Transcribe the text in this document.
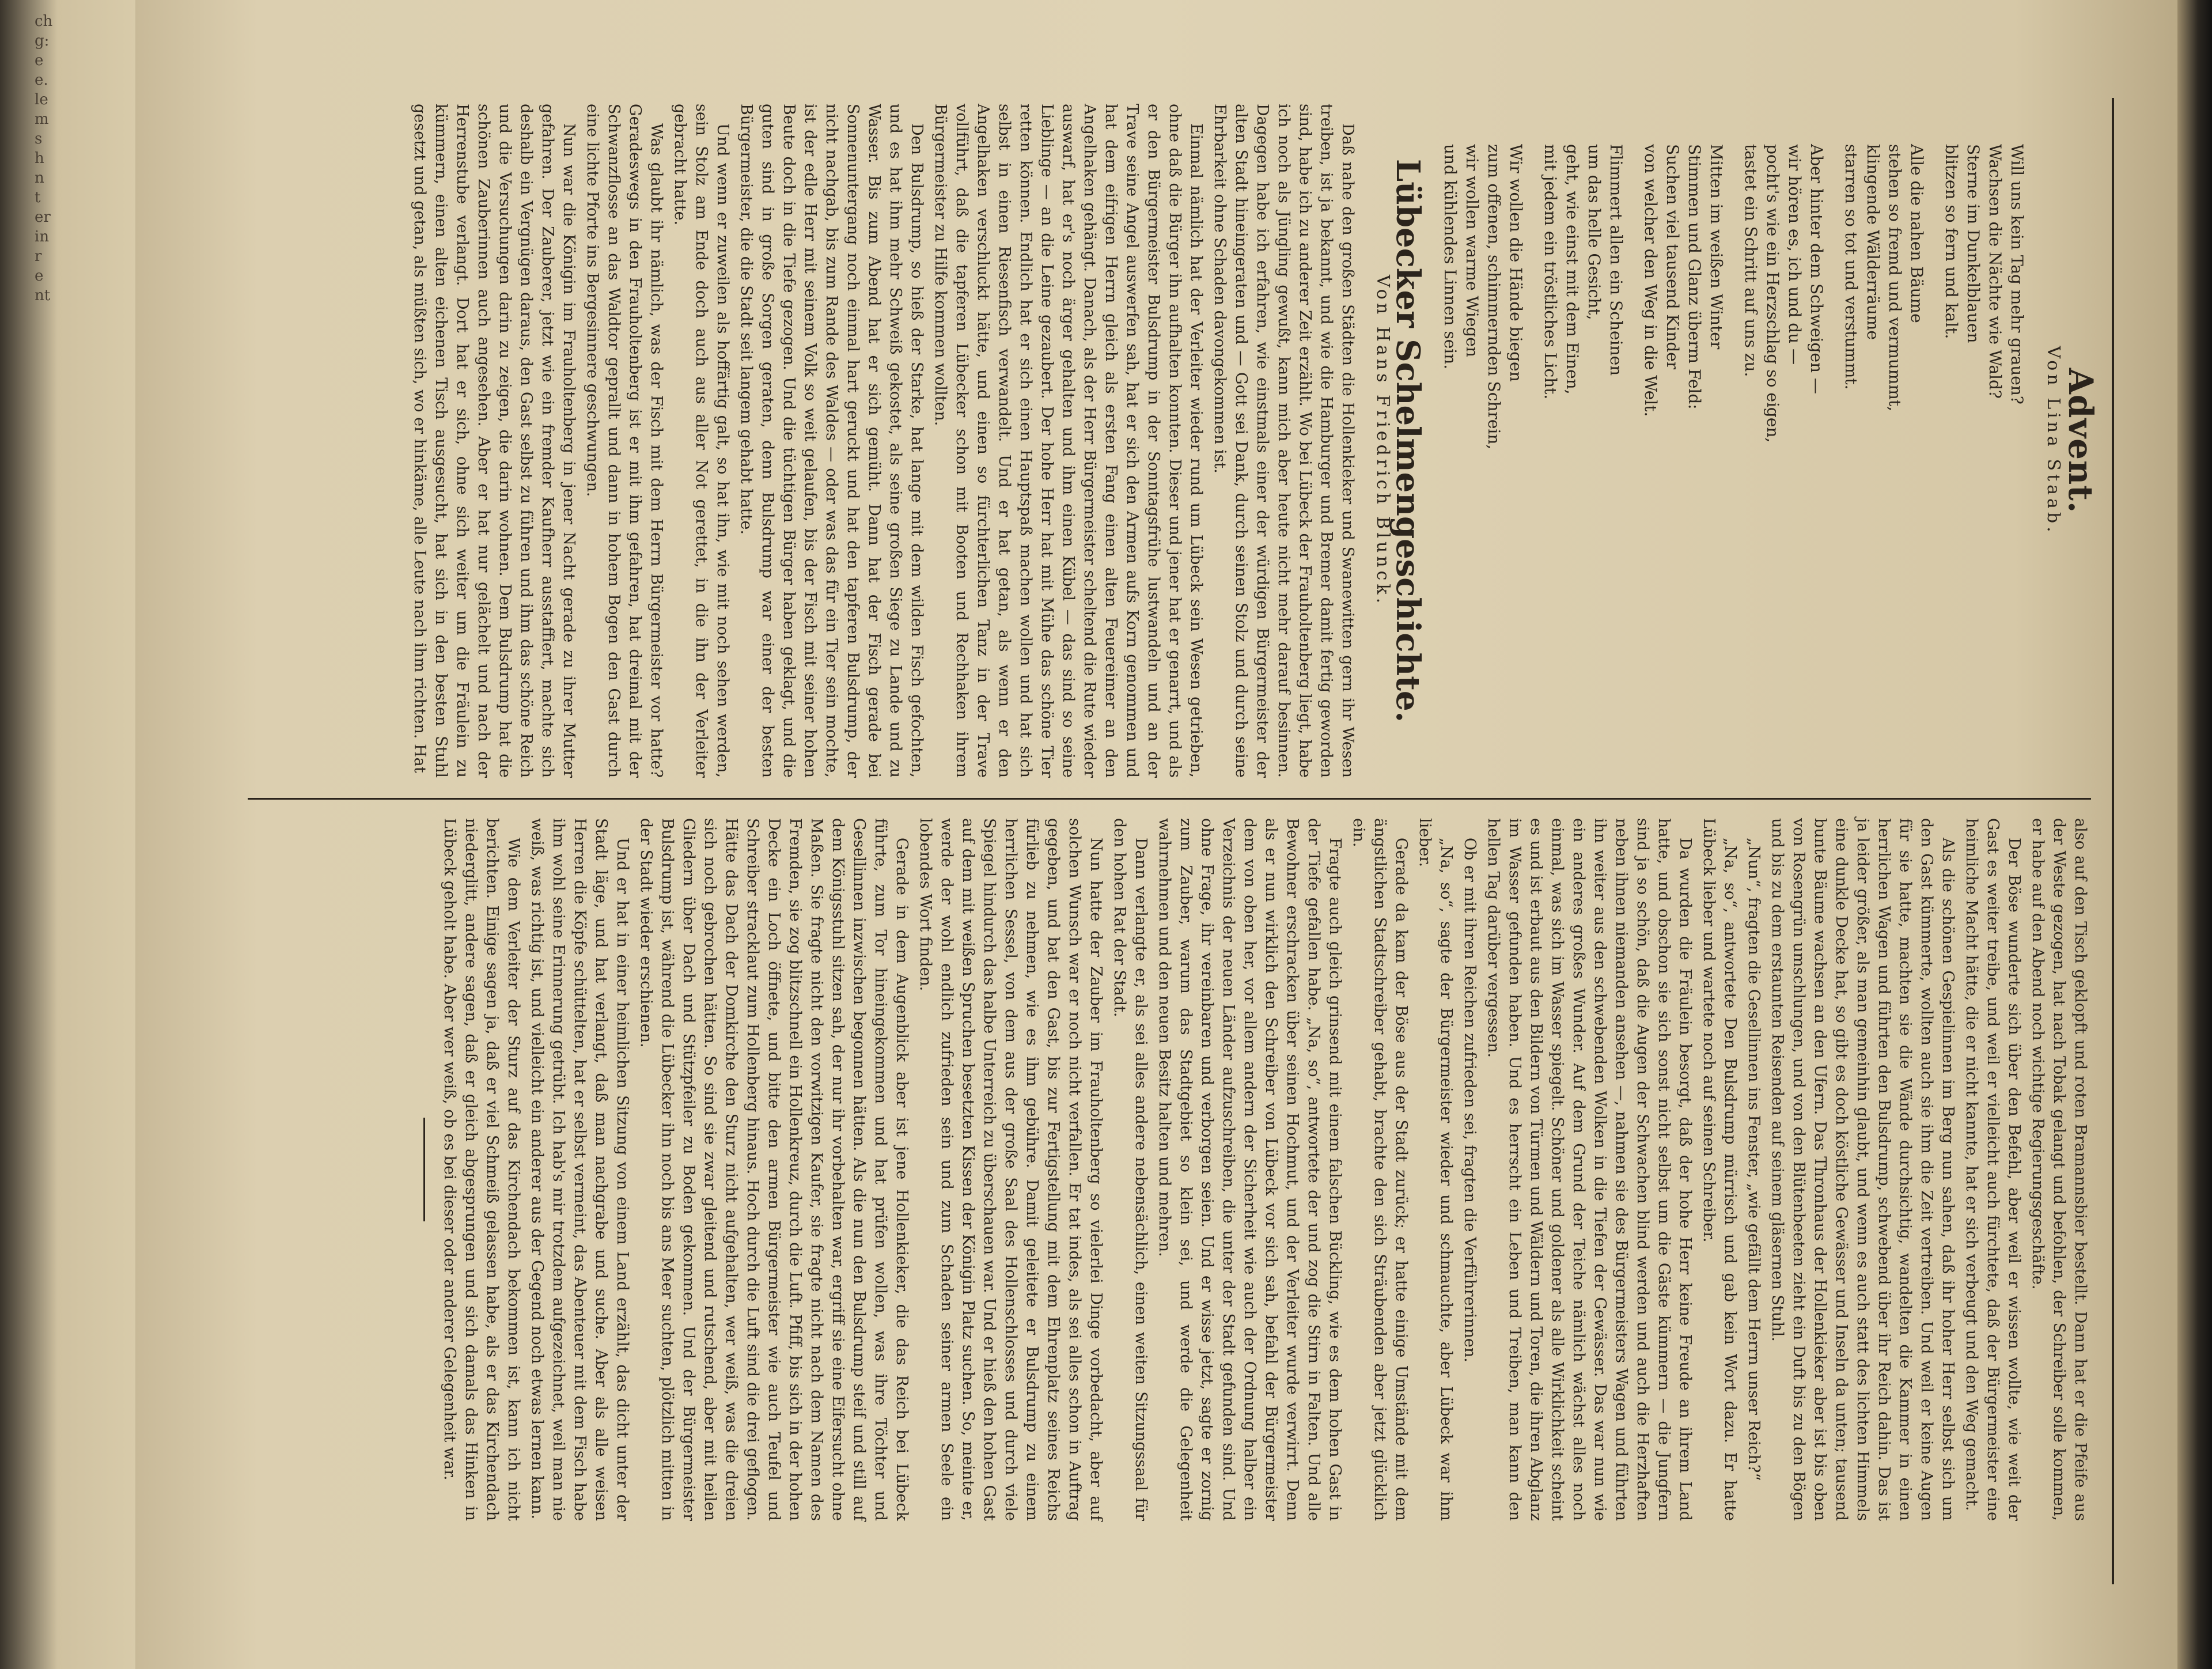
Advent.
Von Lina Staab.
Will uns kein Tag mehr grauen?
Wachsen die Nächte wie Wald?
Sterne im Dunkelblauen
blitzen so fern und kalt.
Alle die nahen Bäume
stehen so fremd und vermummt,
klingende Wälderräume
starren so tot und verstummt.
Aber hinter dem Schweigen —
wir hören es, ich und du —
pocht's wie ein Herzschlag so eigen,
tastet ein Schritt auf uns zu.
Mitten im weißen Winter
Stimmen und Glanz überm Feld:
Suchen viel tausend Kinder
von welcher den Weg in die Welt.
Flimmert allen ein Scheinen
um das helle Gesicht,
geht, wie einst mit dem Einen,
mit jedem ein tröstliches Licht.
Wir wollen die Hände biegen
zum offenen, schimmernden Schrein,
wir wollen warme Wiegen
und kühlendes Linnen sein.
Lübecker Schelmengeschichte.
Von Hans Friedrich Blunck.

Daß nahe den großen Städten die Hollenkieker und Swanewitten gern ihr Wesen treiben, ist ja bekannt, und wie die Hamburger und Bremer damit fertig geworden sind, habe ich zu anderer Zeit erzählt. Wo bei Lübeck der Frauholtenberg liegt, habe ich noch als Jüngling gewußt, kann mich aber heute nicht mehr darauf besinnen. Dagegen habe ich erfahren, wie einstmals einer der würdigen Bürgermeister der alten Stadt hineingeraten und — Gott sei Dank, durch seinen Stolz und durch seine Ehrbarkeit ohne Schaden davongekommen ist.

Einmal nämlich hat der Verleiter wieder rund um Lübeck sein Wesen getrieben, ohne daß die Bürger ihn aufhalten konnten. Dieser und jener hat er genarrt, und als er den Bürgermeister Bulsdrump in der Sonntagsfrühe lustwandeln und an der Trave seine Angel auswerfen sah, hat er sich den Armen aufs Korn genommen und hat dem eifrigen Herrn gleich als ersten Fang einen alten Feuereimer an den Angelhaken gehängt. Danach, als der Herr Bürgermeister scheltend die Rute wieder auswarf, hat er's noch ärger gehalten und ihm einen Kübel — das sind so seine Lieblinge — an die Leine gezaubert. Der hohe Herr hat mit Mühe das schöne Tier retten können. Endlich hat er sich einen Hauptspaß machen wollen und hat sich selbst in einen Riesenfisch verwandelt. Und er hat getan, als wenn er den Angelhaken verschluckt hätte, und einen so fürchterlichen Tanz in der Trave vollführt, daß die tapferen Lübecker schon mit Booten und Rechhaken ihrem Bürgermeister zu Hilfe kommen wollten.

Den Bulsdrump, so hieß der Starke, hat lange mit dem wilden Fisch gefochten, und es hat ihm mehr Schweiß gekostet, als seine großen Siege zu Lande und zu Wasser. Bis zum Abend hat er sich gemüht. Dann hat der Fisch gerade bei Sonnenuntergang noch einmal hart geruckt und hat den tapferen Bulsdrump, der nicht nachgab, bis zum Rande des Waldes — oder was das für ein Tier sein mochte, ist der edle Herr mit seinem Volk so weit gelaufen, bis der Fisch mit seiner hohen Beute doch in die Tiefe gezogen. Und die tüchtigen Bürger haben geklagt, und die guten sind in große Sorgen geraten, denn Bulsdrump war einer der besten Bürgermeister, die die Stadt seit langem gehabt hatte.

Und wenn er zuweilen als hoffärtig galt, so hat ihn, wie mit noch sehen werden, sein Stolz am Ende doch auch aus aller Not gerettet, in die ihn der Verleiter gebracht hatte.

Was glaubt ihr nämlich, was der Fisch mit dem Herrn Bürgermeister vor hatte? Geradeswegs in den Frauholtenberg ist er mit ihm gefahren, hat dreimal mit der Schwanzflosse an das Waldtor geprallt und dann in hohem Bogen den Gast durch eine lichte Pforte ins Bergesinnere geschwungen.

Nun war die Königin im Frauholtenberg in jener Nacht gerade zu ihrer Mutter gefahren. Der Zauberer, jetzt wie ein fremder Kaufherr ausstaffiert, machte sich deshalb ein Vergnügen daraus, den Gast selbst zu führen und ihm das schöne Reich und die Versuchungen darin zu zeigen, die darin wohnen. Dem Bulsdrump hat die schönen Zauberinnen auch angesehen. Aber er hat nur gelächelt und nach der Herrenstube verlangt. Dort hat er sich, ohne sich weiter um die Fräulein zu kümmern, einen alten eichenen Tisch ausgesucht, hat sich in den besten Stuhl gesetzt und getan, als müßten sich, wo er hinkäme, alle Leute nach ihm richten. Hat

also auf den Tisch geklopft und roten Bramannsbier bestellt. Dann hat er die Pfeife aus der Weste gezogen, hat nach Tobak gelangt und befohlen, der Schreiber solle kommen, er habe auf den Abend noch wichtige Regierungsgeschäfte.

Der Böse wunderte sich über den Befehl, aber weil er wissen wollte, wie weit der Gast es weiter treibe, und weil er vielleicht auch fürchtete, daß der Bürgermeister eine heimliche Macht hätte, die er nicht kannte, hat er sich verbeugt und den Weg gemacht.

Als die schönen Gespielinnen im Berg nun sahen, daß ihr hoher Herr selbst sich um den Gast kümmerte, wollten auch sie ihm die Zeit vertreiben. Und weil er keine Augen für sie hatte, machten sie die Wände durchsichtig, wandelten die Kammer in einen herrlichen Wagen und führten den Bulsdrump, schwebend über ihr Reich dahin. Das ist ja leider größer, als man gemeinhin glaubt, und wenn es auch statt des lichten Himmels eine dunkle Decke hat, so gibt es doch köstliche Gewässer und Inseln da unten; tausend bunte Bäume wachsen an den Ufern. Das Thronhaus der Hollenkieker aber ist bis oben von Rosengrün umschlungen, und von den Blütenbeeten zieht ein Duft bis zu den Bögen und bis zu dem erstaunten Reisenden auf seinem gläsernen Stuhl.

„Nun“, fragten die Gesellinnen ins Fenster, „wie gefällt dem Herrn unser Reich?“

„Na, so“, antwortete Den Bulsdrump mürrisch und gab kein Wort dazu. Er hatte Lübeck lieber und wartete noch auf seinen Schreiber.

Da wurden die Fräulein besorgt, daß der hohe Herr keine Freude an ihrem Land hatte, und obschon sie sich sonst nicht selbst um die Gäste kümmern — die Jungfern sind ja so schön, daß die Augen der Schwachen blind werden und auch die Herzhaften neben ihnen niemanden ansehen —, nahmen sie des Bürgermeisters Wagen und führten ihn weiter aus den schwebenden Wolken in die Tiefen der Gewässer. Das war nun wie ein anderes großes Wunder. Auf dem Grund der Teiche nämlich wächst alles noch einmal, was sich im Wasser spiegelt. Schöner und goldener als alle Wirklichkeit scheint es und ist erbaut aus den Bildern von Türmen und Wäldern und Toren, die ihren Abglanz im Wasser gefunden haben. Und es herrscht ein Leben und Treiben, man kann den hellen Tag darüber vergessen.

Ob er mit ihren Reichen zufrieden sei, fragten die Verführerinnen.

„Na, so“, sagte der Bürgermeister wieder und schmauchte, aber Lübeck war ihm lieber.

Gerade da kam der Böse aus der Stadt zurück; er hatte einige Umstände mit dem ängstlichen Stadtschreiber gehabt, brachte den sich Sträubenden aber jetzt glücklich ein.

Fragte auch gleich grinsend mit einem falschen Bückling, wie es dem hohen Gast in der Tiefe gefallen habe. „Na, so“, antwortete der und zog die Stirn in Falten. Und alle Bewohner erschracken über seinen Hochmut, und der Verleiter wurde verwirrt. Denn als er nun wirklich den Schreiber von Lübeck vor sich sah, befahl der Bürgermeister dem von oben her, vor allem andern der Sicherheit wie auch der Ordnung halber ein Verzeichnis der neuen Länder aufzuschreiben, die unter der Stadt gefunden sind. Und ohne Frage, ihr vereinbaren und verborgen seien. Und er wisse jetzt, sagte er zornig zum Zauber, warum das Stadtgebiet so klein sei, und werde die Gelegenheit wahrnehmen und den neuen Besitz halten und mehren.

Dann verlangte er, als sei alles andere nebensächlich, einen weiten Sitzungssaal für den hohen Rat der Stadt.

Nun hatte der Zauber im Frauholtenberg so vielerlei Dinge vorbedacht, aber auf solchen Wunsch war er noch nicht verfallen. Er tat indes, als sei alles schon in Auftrag gegeben, und bat den Gast, bis zur Fertigstellung mit dem Ehrenplatz seines Reichs fürlieb zu nehmen, wie es ihm gebühre. Damit geleitete er Bulsdrump zu einem herrlichen Sessel, von dem aus der große Saal des Hollenschlosses und durch viele Spiegel hindurch das halbe Unterreich zu überschauen war. Und er hieß den hohen Gast auf dem mit weißen Spruchen besetzten Kissen der Königin Platz suchen. So, meinte er, werde der wohl endlich zufrieden sein und zum Schaden seiner armen Seele ein lobendes Wort finden.

Gerade in dem Augenblick aber ist jene Hollenkieker, die das Reich bei Lübeck führte, zum Tor hineingekommen und hat prüfen wollen, was ihre Töchter und Gesellinnen inzwischen begonnen hätten. Als die nun den Bulsdrump steif und still auf dem Königsstuhl sitzen sah, der nur ihr vorbehalten war, ergriff sie eine Eifersucht ohne Maßen. Sie fragte nicht den vorwitzigen Kaufer, sie fragte nicht nach dem Namen des Fremden, sie zog blitzschnell ein Hollenkreuz, durch die Luft. Pfiff, bis sich in der hohen Decke ein Loch öffnete, und bitte den armen Bürgermeister wie auch Teufel und Schreiber stracklaut zum Hollenberg hinaus. Hoch durch die Luft sind die drei geflogen. Hätte das Dach der Domkirche den Sturz nicht aufgehalten, wer weiß, was die dreien sich noch gebrochen hätten. So sind sie zwar gleitend und rutschend, aber mit heilen Gliedern über Dach und Stützpfeiler zu Boden gekommen. Und der Bürgermeister Bulsdrump ist, während die Lübecker ihn noch bis ans Meer suchten, plötzlich mitten in der Stadt wieder erschienen.

Und er hat in einer heimlichen Sitzung von einem Land erzählt, das dicht unter der Stadt läge, und hat verlangt, daß man nachgrabe und suche. Aber als alle weisen Herren die Köpfe schüttelten, hat er selbst vermeint, das Abenteuer mit dem Fisch habe ihm wohl seine Erinnerung getrübt. Ich hab's mir trotzdem aufgezeichnet, weil man nie weiß, was richtig ist, und vielleicht ein anderer aus der Gegend noch etwas lernen kann.

Wie dem Verleiter der Sturz auf das Kirchendach bekommen ist, kann ich nicht berichten. Einige sagen ja, daß er viel Schmeiß gelassen habe, als er das Kirchendach niederglitt, andere sagen, daß er gleich abgesprungen und sich damals das Hinken in Lübeck geholt habe. Aber wer weiß, ob es bei dieser oder anderer Gelegenheit war.

ch
g:
e
e.
le
m
s
h
n
t
er
in
r
e
nt
